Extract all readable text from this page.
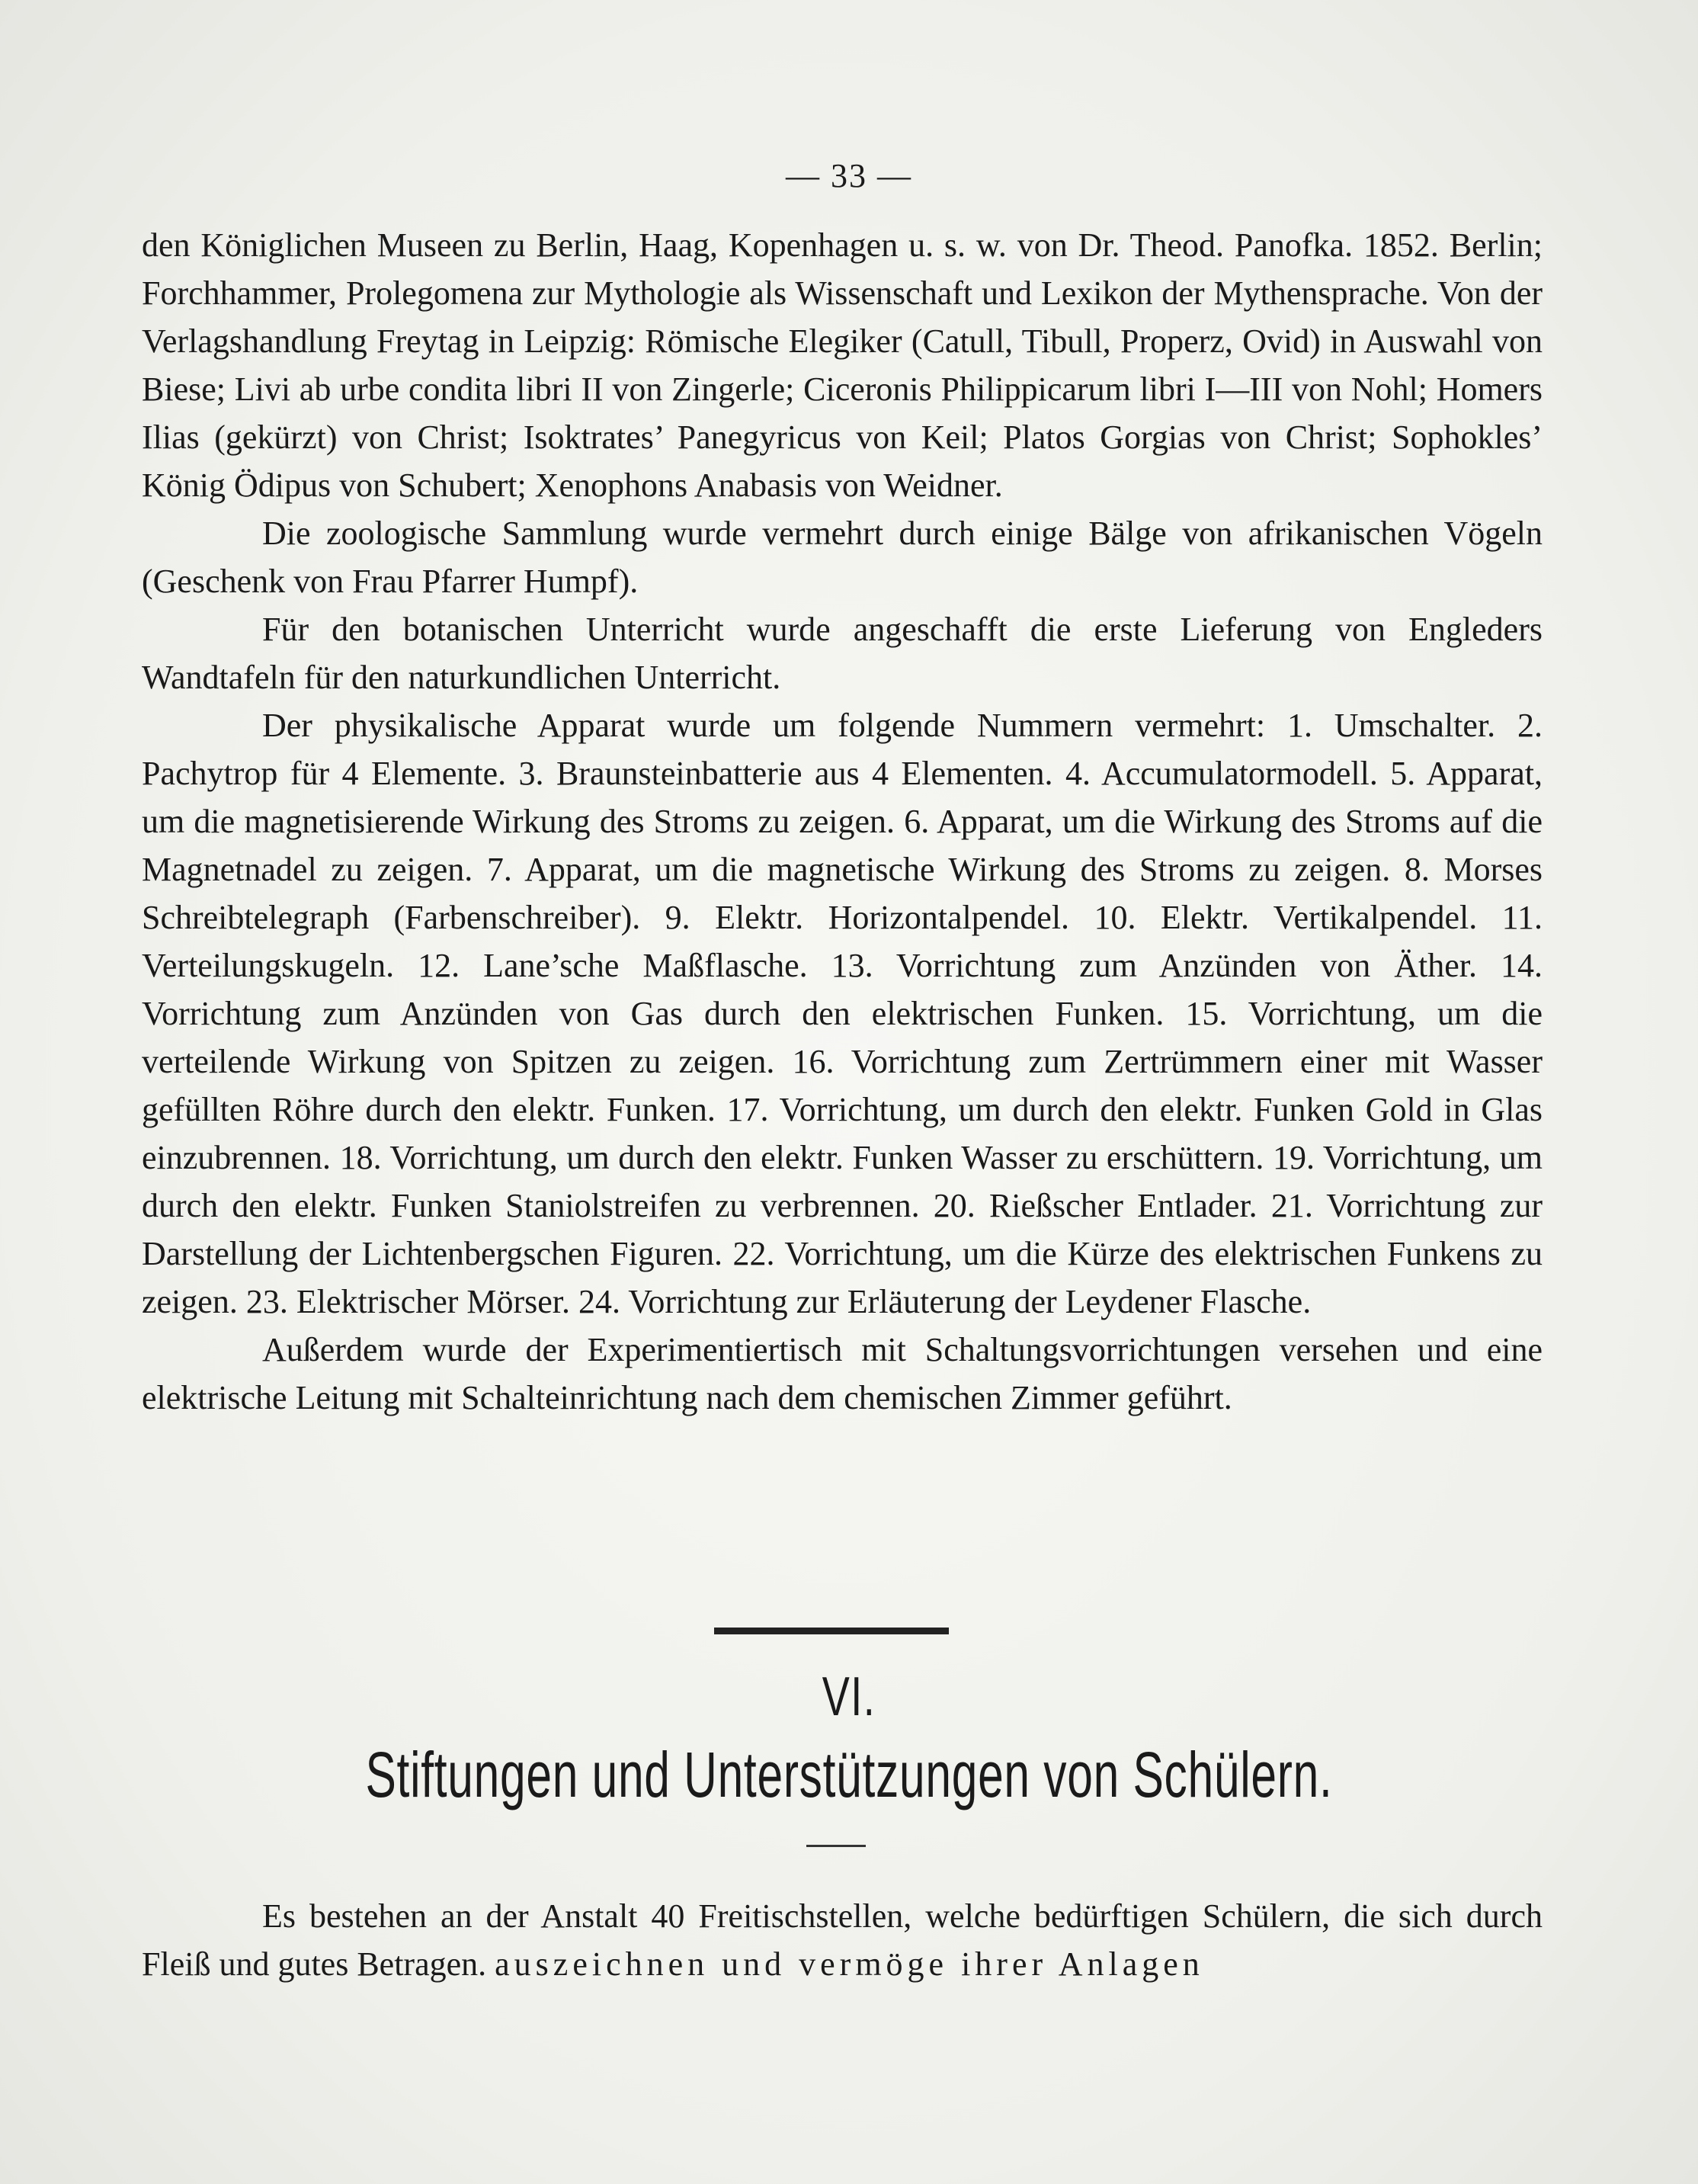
— 33 —

den Königlichen Museen zu Berlin, Haag, Kopenhagen u. s. w. von Dr. Theod. Panofka. 1852. Berlin; Forchhammer, Prolegomena zur Mythologie als Wissenschaft und Lexikon der Mythensprache. Von der Verlagshandlung Freytag in Leipzig: Römische Elegiker (Catull, Tibull, Properz, Ovid) in Auswahl von Biese; Livi ab urbe condita libri II von Zingerle; Ciceronis Philippicarum libri I—III von Nohl; Homers Ilias (gekürzt) von Christ; Isoktrates’ Panegyricus von Keil; Platos Gorgias von Christ; Sophokles’ König Ödipus von Schubert; Xenophons Anabasis von Weidner.

Die zoologische Sammlung wurde vermehrt durch einige Bälge von afrikanischen Vögeln (Geschenk von Frau Pfarrer Humpf).

Für den botanischen Unterricht wurde angeschafft die erste Lieferung von Engleders Wandtafeln für den naturkundlichen Unterricht.

Der physikalische Apparat wurde um folgende Nummern vermehrt: 1. Umschalter. 2. Pachytrop für 4 Elemente. 3. Braunsteinbatterie aus 4 Elementen. 4. Accumulatormodell. 5. Apparat, um die magnetisierende Wirkung des Stroms zu zeigen. 6. Apparat, um die Wirkung des Stroms auf die Magnetnadel zu zeigen. 7. Apparat, um die magnetische Wirkung des Stroms zu zeigen. 8. Morses Schreibtelegraph (Farbenschreiber). 9. Elektr. Horizontalpendel. 10. Elektr. Vertikalpendel. 11. Verteilungskugeln. 12. Lane’sche Maßflasche. 13. Vorrichtung zum Anzünden von Äther. 14. Vorrichtung zum Anzünden von Gas durch den elektrischen Funken. 15. Vorrichtung, um die verteilende Wirkung von Spitzen zu zeigen. 16. Vorrichtung zum Zertrümmern einer mit Wasser gefüllten Röhre durch den elektr. Funken. 17. Vorrichtung, um durch den elektr. Funken Gold in Glas einzubrennen. 18. Vorrichtung, um durch den elektr. Funken Wasser zu erschüttern. 19. Vorrichtung, um durch den elektr. Funken Staniolstreifen zu verbrennen. 20. Rießscher Entlader. 21. Vorrichtung zur Darstellung der Lichtenbergschen Figuren. 22. Vorrichtung, um die Kürze des elektrischen Funkens zu zeigen. 23. Elektrischer Mörser. 24. Vorrichtung zur Erläuterung der Leydener Flasche.

Außerdem wurde der Experimentiertisch mit Schaltungsvorrichtungen versehen und eine elektrische Leitung mit Schalteinrichtung nach dem chemischen Zimmer geführt.

VI.
Stiftungen und Unterstützungen von Schülern.

Es bestehen an der Anstalt 40 Freitischstellen, welche bedürftigen Schülern, die sich durch Fleiß und gutes Betragen. auszeichnen und vermöge ihrer Anlagen
